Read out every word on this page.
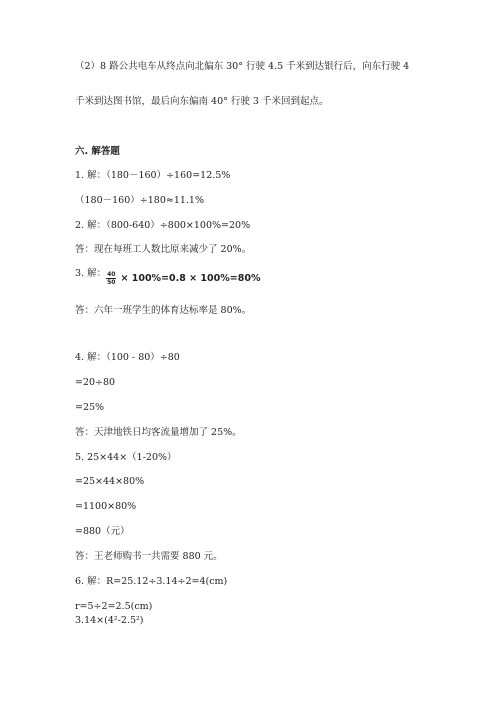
（2）8 路公共电车从终点向北偏东 30° 行驶 4.5 千米到达银行后，向东行驶 4
千米到达图书馆，最后向东偏南 40° 行驶 3 千米回到起点。
六. 解答题
1. 解：（180－160）÷160=12.5%
（180－160）÷180≈11.1%
2. 解：（800-640）÷800×100%=20%
答：现在每班工人数比原来减少了 20%。
3. 解： $\frac{40}{50} \times 100\%=0.8 \times 100\%=80\%$
答：六年一班学生的体育达标率是 80%。
4. 解：（100 - 80）÷80
=20÷80
=25%
答：天津地铁日均客流量增加了 25%。
5. 25×44×（1-20%）
=25×44×80%
=1100×80%
=880（元）
答：王老师购书一共需要 880 元。
6. 解：R=25.12÷3.14÷2=4(cm)
r=5÷2=2.5(cm)
3.14×(4²-2.5²)
